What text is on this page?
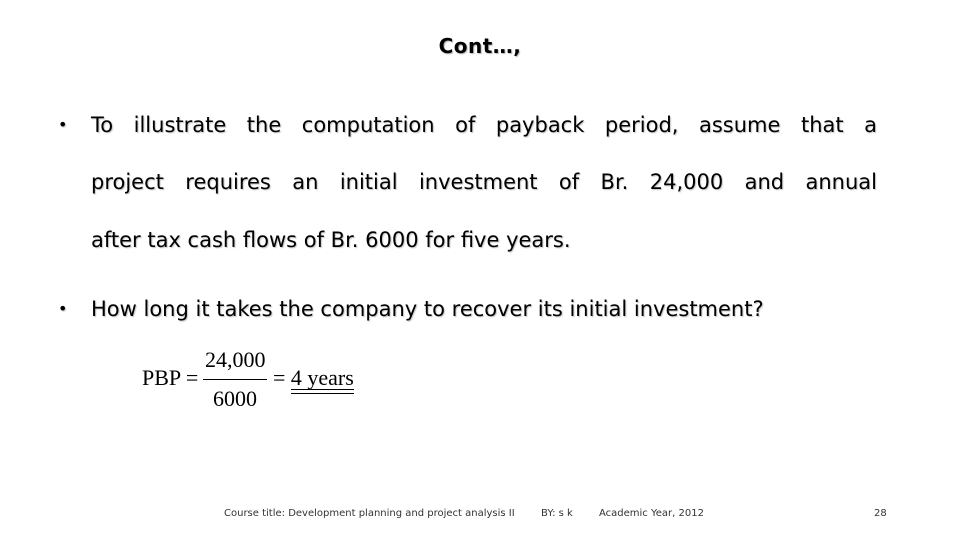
Cont…,
• To illustrate the computation of payback period, assume that a
project requires an initial investment of Br. 24,000 and annual
after tax cash flows of Br. 6000 for five years.
• How long it takes the company to recover its initial investment?
PBP =
24,000
6000
= 4 years
Course title: Development planning and project analysis II	BY: s k	Academic Year, 2012	28
